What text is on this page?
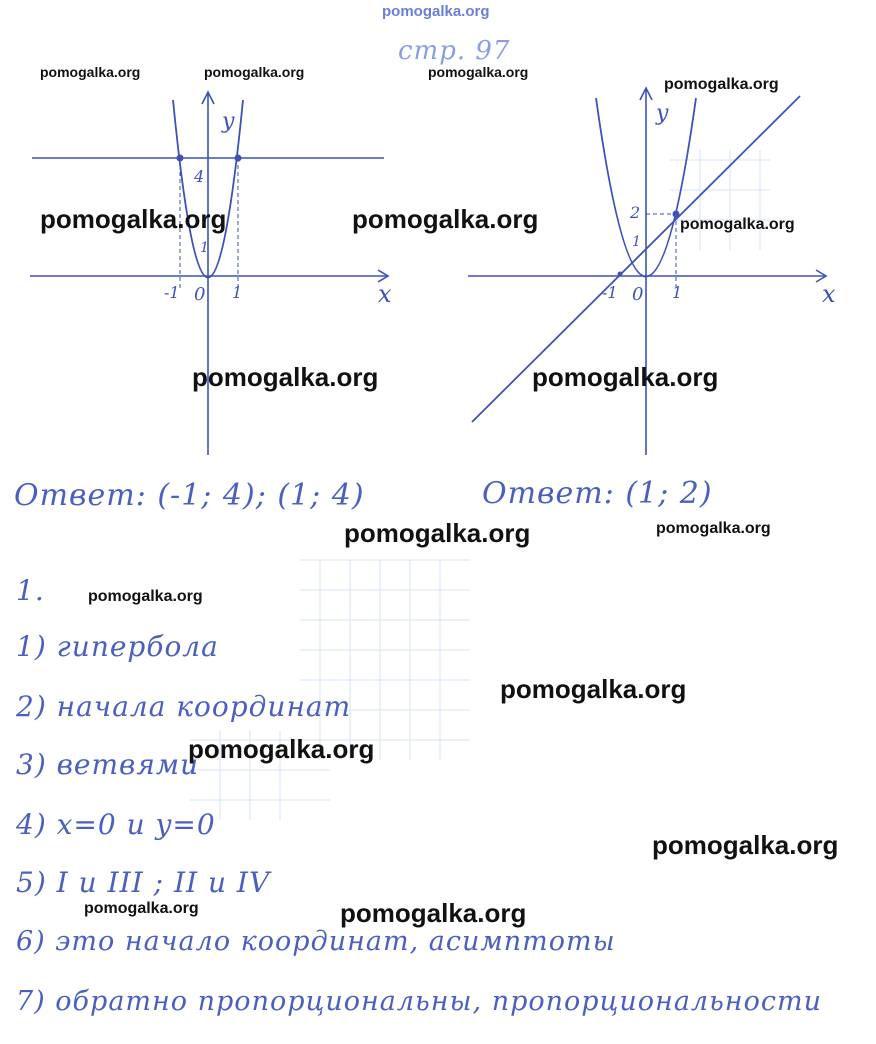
y
x
4
1
-1 0 1
y
x
2
1
-1 0 1
стр. 97
Ответ: (-1; 4); (1; 4)	Ответ: (1; 2)
1.
1) гипербола
2) начала координат
3) ветвями
4) x=0 и y=0
5) I и III ; II и IV
6) это начало координат, асимптоты
7) обратно пропорциональны, пропорциональности
pomogalka.org
pomogalka.org	pomogalka.org	pomogalka.org
pomogalka.org
pomogalka.org	pomogalka.org	pomogalka.org
pomogalka.org	pomogalka.org
pomogalka.org	pomogalka.org
pomogalka.org
pomogalka.org
pomogalka.org
pomogalka.org
pomogalka.org	pomogalka.org
